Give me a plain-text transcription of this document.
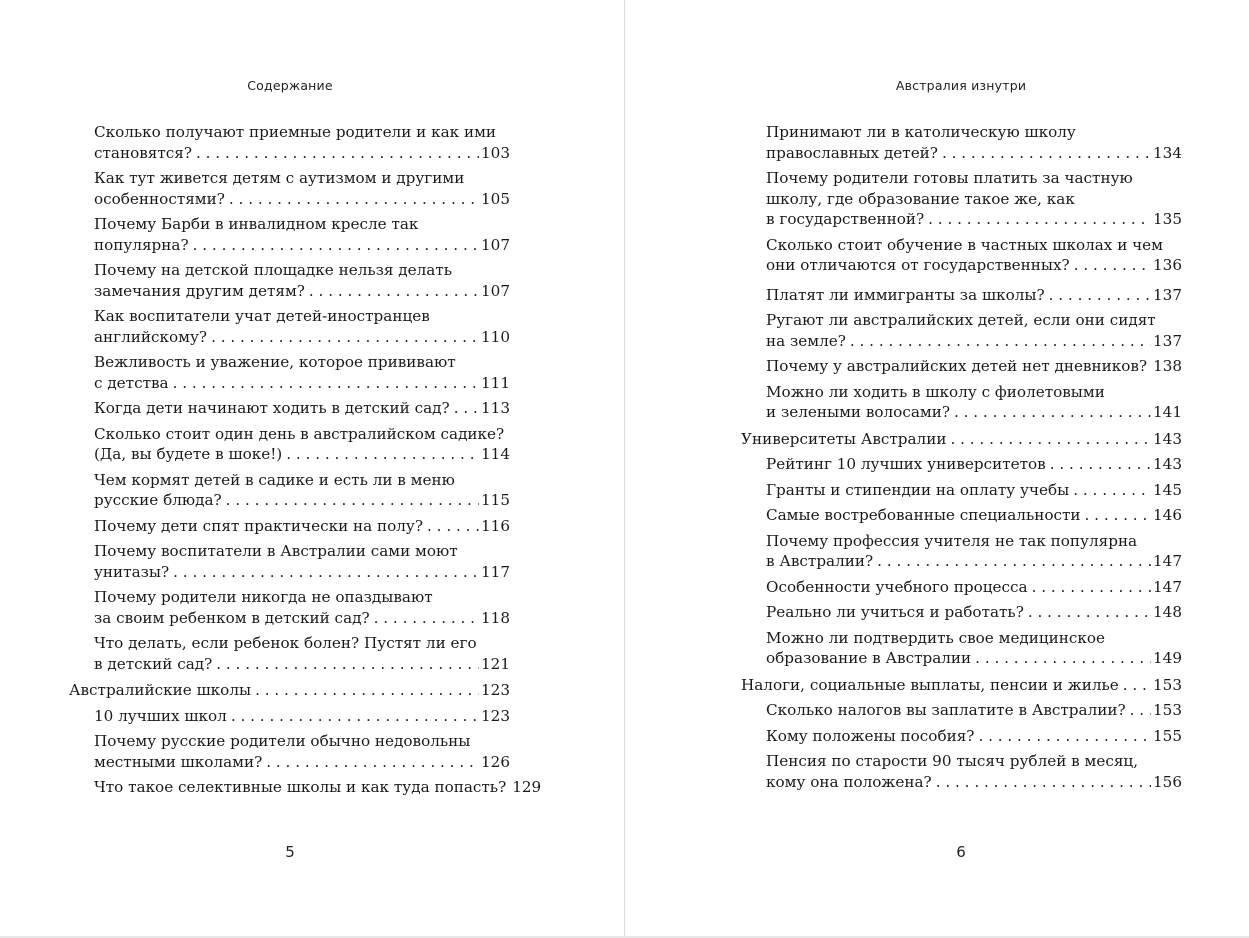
Содержание
Сколько получают приемные родители и как ими
становятся? . . .	103
Как тут живется детям с аутизмом и другими
особенностями? . . .	105
Почему Барби в инвалидном кресле так
популярна? . . .	107
Почему на детской площадке нельзя делать
замечания другим детям? . . .	107
Как воспитатели учат детей-иностранцев
английскому? . . .	110
Вежливость и уважение, которое прививают
с детства . . .	111
Когда дети начинают ходить в детский сад? . . . 113
Сколько стоит один день в австралийском садике?
(Да, вы будете в шоке!) . . .	114
Чем кормят детей в садике и есть ли в меню
русские блюда? . . .	115
Почему дети спят практически на полу? . . .	116
Почему воспитатели в Австралии сами моют
унитазы? . . .	117
Почему родители никогда не опаздывают
за своим ребенком в детский сад? . . .	118
Что делать, если ребенок болен? Пустят ли его
в детский сад? . . .	121
Австралийские школы . . .	123
10 лучших школ . . .	123
Почему русские родители обычно недовольны
местными школами? . . .	126
Что такое селективные школы и как туда попасть? 129
5
Австралия изнутри
Принимают ли в католическую школу
православных детей? . . .	134
Почему родители готовы платить за частную
школу, где образование такое же, как
в государственной? . . .	135
Сколько стоит обучение в частных школах и чем
они отличаются от государственных? . . .	136
Платят ли иммигранты за школы? . . .	137
Ругают ли австралийских детей, если они сидят
на земле? . . .	137
Почему у австралийских детей нет дневников? 138
Можно ли ходить в школу с фиолетовыми
и зелеными волосами? . . .	141
Университеты Австралии . . .	143
Рейтинг 10 лучших университетов . . .	143
Гранты и стипендии на оплату учебы . . .	145
Самые востребованные специальности . . .	146
Почему профессия учителя не так популярна
в Австралии? . . .	147
Особенности учебного процесса . . .	147
Реально ли учиться и работать? . . .	148
Можно ли подтвердить свое медицинское
образование в Австралии . . .	149
Налоги, социальные выплаты, пенсии и жилье . . . 153
Сколько налогов вы заплатите в Австралии? . . . 153
Кому положены пособия? . . .	155
Пенсия по старости 90 тысяч рублей в месяц,
кому она положена? . . .	156
6
